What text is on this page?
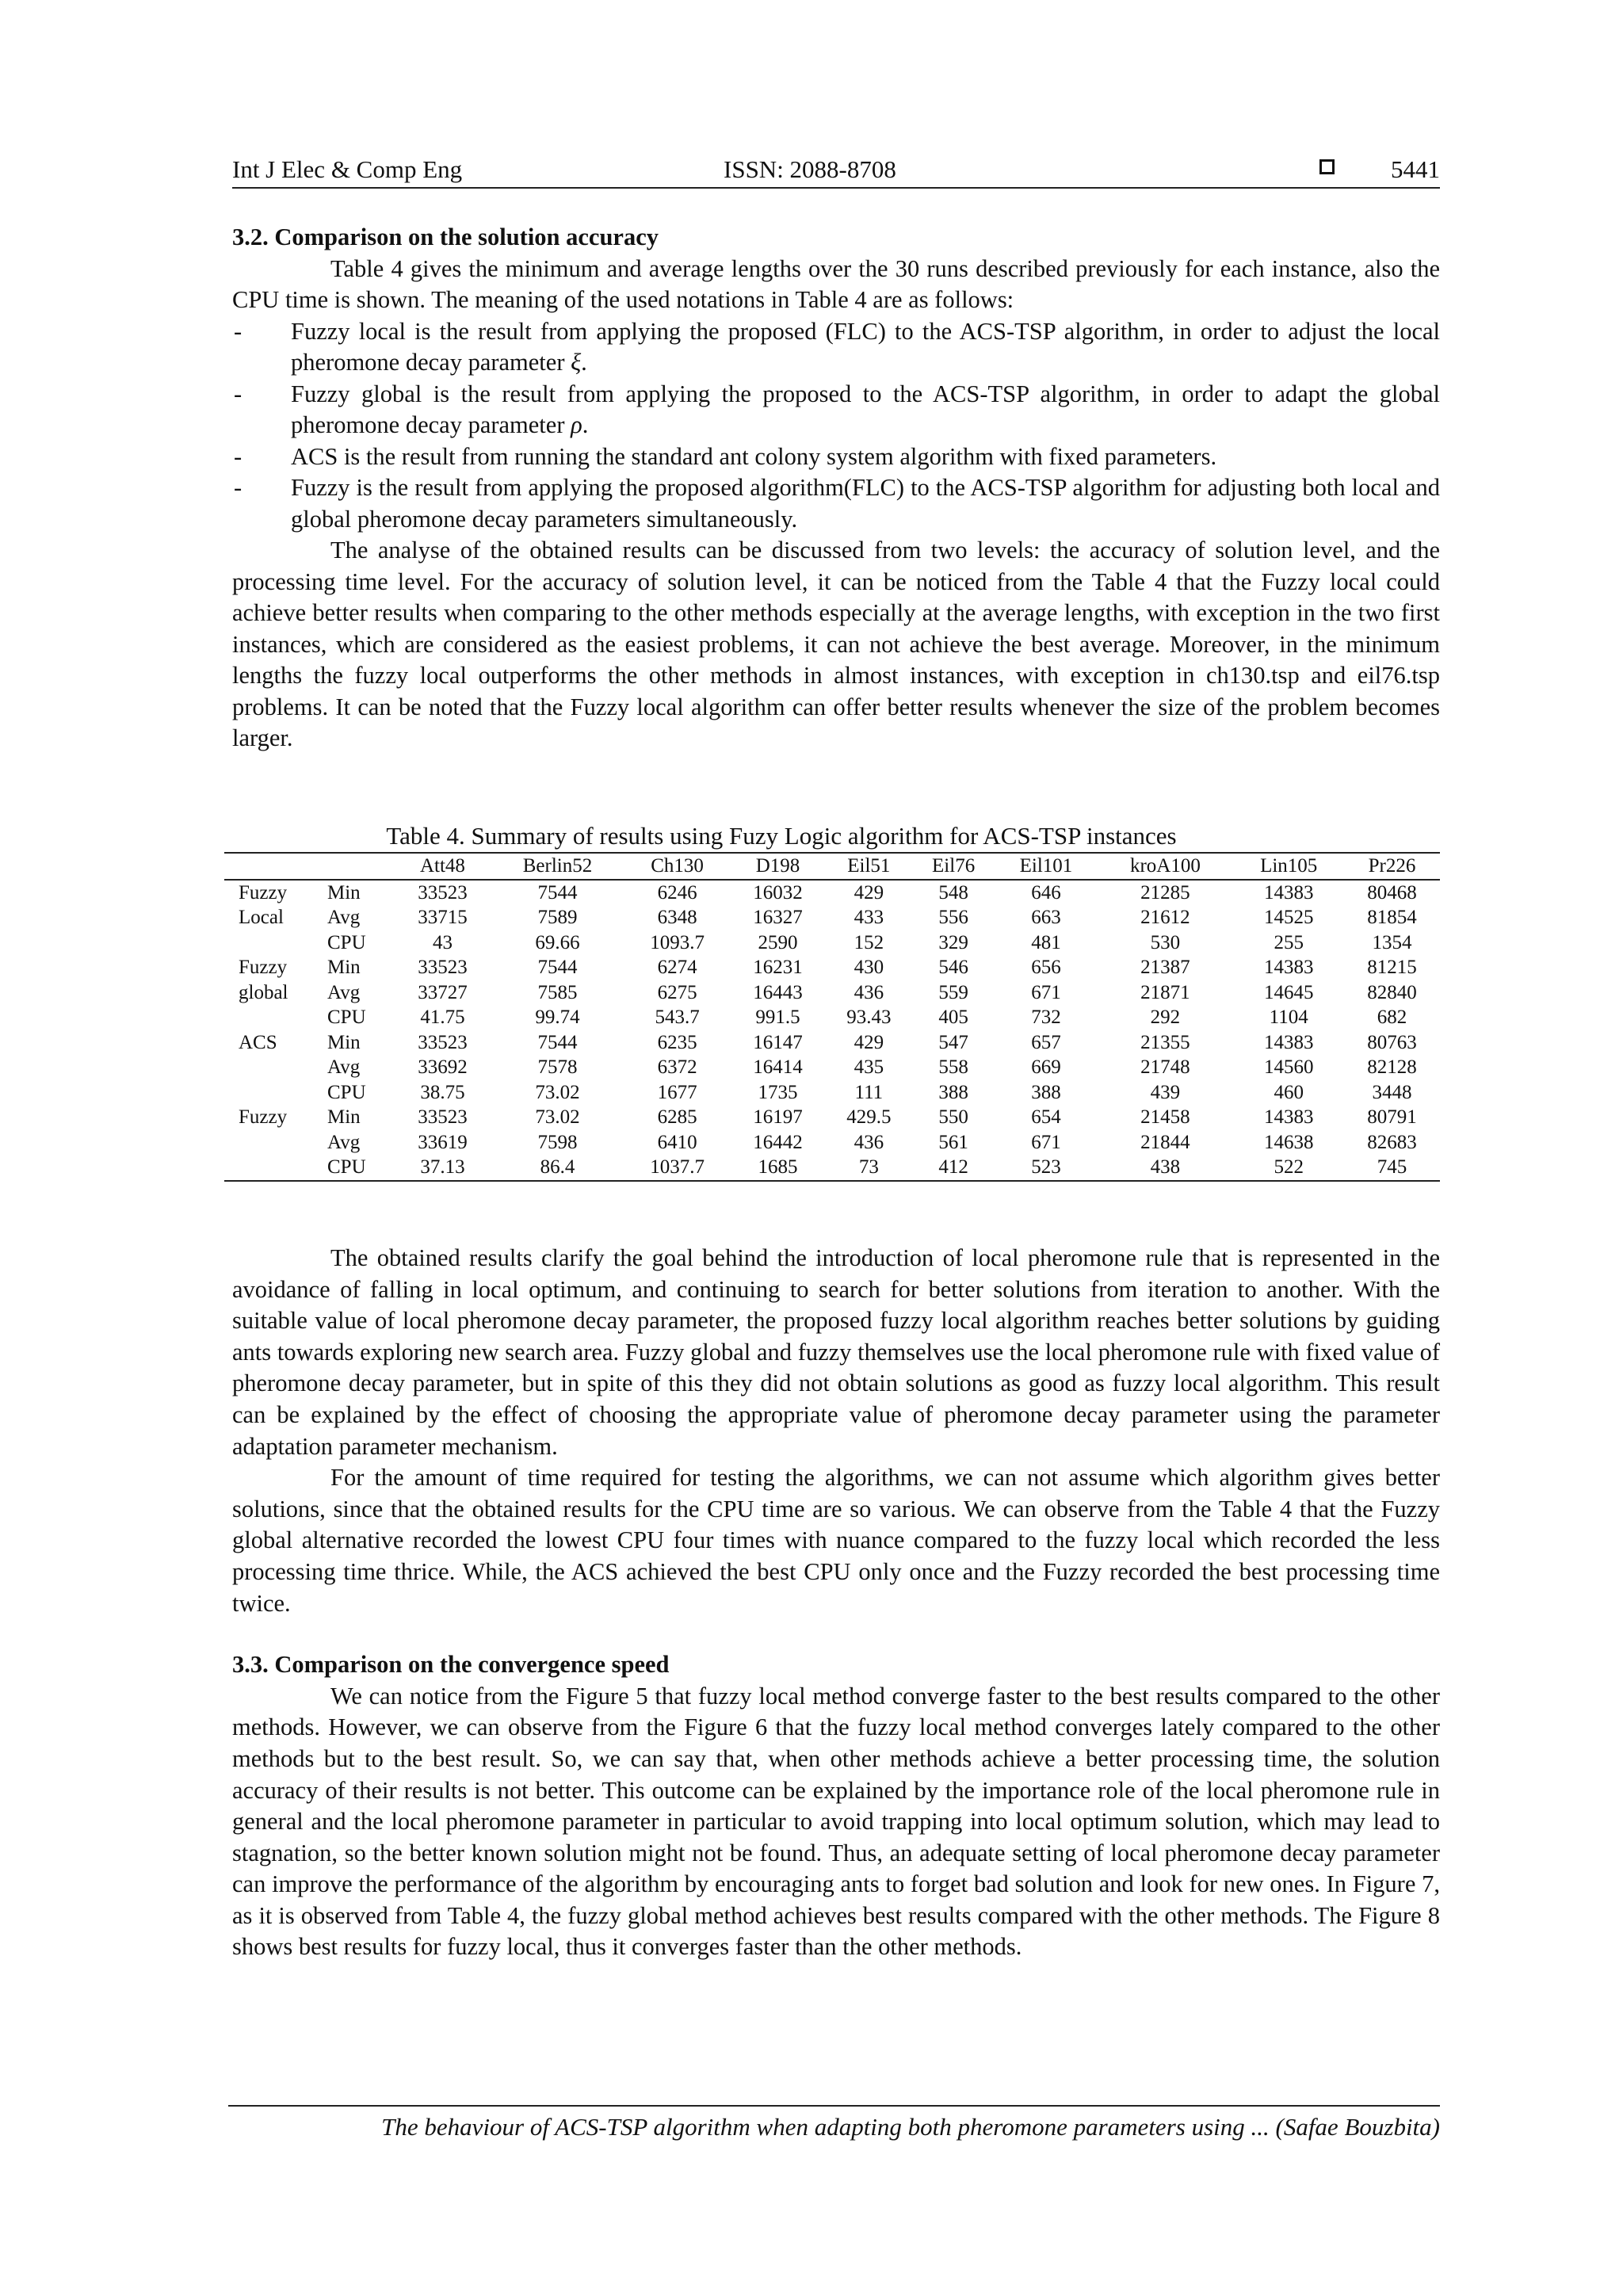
Int J Elec & Comp Eng	ISSN: 2088-8708	5441

3.2. Comparison on the solution accuracy

Table 4 gives the minimum and average lengths over the 30 runs described previously for each instance, also the CPU time is shown. The meaning of the used notations in Table 4 are as follows:

- Fuzzy local is the result from applying the proposed (FLC) to the ACS-TSP algorithm, in order to adjust the local pheromone decay parameter ξ.
- Fuzzy global is the result from applying the proposed to the ACS-TSP algorithm, in order to adapt the global pheromone decay parameter ρ.
- ACS is the result from running the standard ant colony system algorithm with fixed parameters.
- Fuzzy is the result from applying the proposed algorithm(FLC) to the ACS-TSP algorithm for adjusting both local and global pheromone decay parameters simultaneously.

The analyse of the obtained results can be discussed from two levels: the accuracy of solution level, and the processing time level. For the accuracy of solution level, it can be noticed from the Table 4 that the Fuzzy local could achieve better results when comparing to the other methods especially at the average lengths, with exception in the two first instances, which are considered as the easiest problems, it can not achieve the best average. Moreover, in the minimum lengths the fuzzy local outperforms the other methods in almost instances, with exception in ch130.tsp and eil76.tsp problems. It can be noted that the Fuzzy local algorithm can offer better results whenever the size of the problem becomes larger.

Table 4. Summary of results using Fuzy Logic algorithm for ACS-TSP instances
		Att48	Berlin52	Ch130	D198	Eil51	Eil76	Eil101	kroA100	Lin105	Pr226
Fuzzy	Min	33523	7544	6246	16032	429	548	646	21285	14383	80468
Local	Avg	33715	7589	6348	16327	433	556	663	21612	14525	81854
	CPU	43	69.66	1093.7	2590	152	329	481	530	255	1354
Fuzzy	Min	33523	7544	6274	16231	430	546	656	21387	14383	81215
global	Avg	33727	7585	6275	16443	436	559	671	21871	14645	82840
	CPU	41.75	99.74	543.7	991.5	93.43	405	732	292	1104	682
ACS	Min	33523	7544	6235	16147	429	547	657	21355	14383	80763
	Avg	33692	7578	6372	16414	435	558	669	21748	14560	82128
	CPU	38.75	73.02	1677	1735	111	388	388	439	460	3448
Fuzzy	Min	33523	73.02	6285	16197	429.5	550	654	21458	14383	80791
	Avg	33619	7598	6410	16442	436	561	671	21844	14638	82683
	CPU	37.13	86.4	1037.7	1685	73	412	523	438	522	745

The obtained results clarify the goal behind the introduction of local pheromone rule that is represented in the avoidance of falling in local optimum, and continuing to search for better solutions from iteration to another. With the suitable value of local pheromone decay parameter, the proposed fuzzy local algorithm reaches better solutions by guiding ants towards exploring new search area. Fuzzy global and fuzzy themselves use the local pheromone rule with fixed value of pheromone decay parameter, but in spite of this they did not obtain solutions as good as fuzzy local algorithm. This result can be explained by the effect of choosing the appropriate value of pheromone decay parameter using the parameter adaptation parameter mechanism.

For the amount of time required for testing the algorithms, we can not assume which algorithm gives better solutions, since that the obtained results for the CPU time are so various. We can observe from the Table 4 that the Fuzzy global alternative recorded the lowest CPU four times with nuance compared to the fuzzy local which recorded the less processing time thrice. While, the ACS achieved the best CPU only once and the Fuzzy recorded the best processing time twice.

3.3. Comparison on the convergence speed

We can notice from the Figure 5 that fuzzy local method converge faster to the best results compared to the other methods. However, we can observe from the Figure 6 that the fuzzy local method converges lately compared to the other methods but to the best result. So, we can say that, when other methods achieve a better processing time, the solution accuracy of their results is not better. This outcome can be explained by the importance role of the local pheromone rule in general and the local pheromone parameter in particular to avoid trapping into local optimum solution, which may lead to stagnation, so the better known solution might not be found. Thus, an adequate setting of local pheromone decay parameter can improve the performance of the algorithm by encouraging ants to forget bad solution and look for new ones. In Figure 7, as it is observed from Table 4, the fuzzy global method achieves best results compared with the other methods. The Figure 8 shows best results for fuzzy local, thus it converges faster than the other methods.

The behaviour of ACS-TSP algorithm when adapting both pheromone parameters using ... (Safae Bouzbita)
